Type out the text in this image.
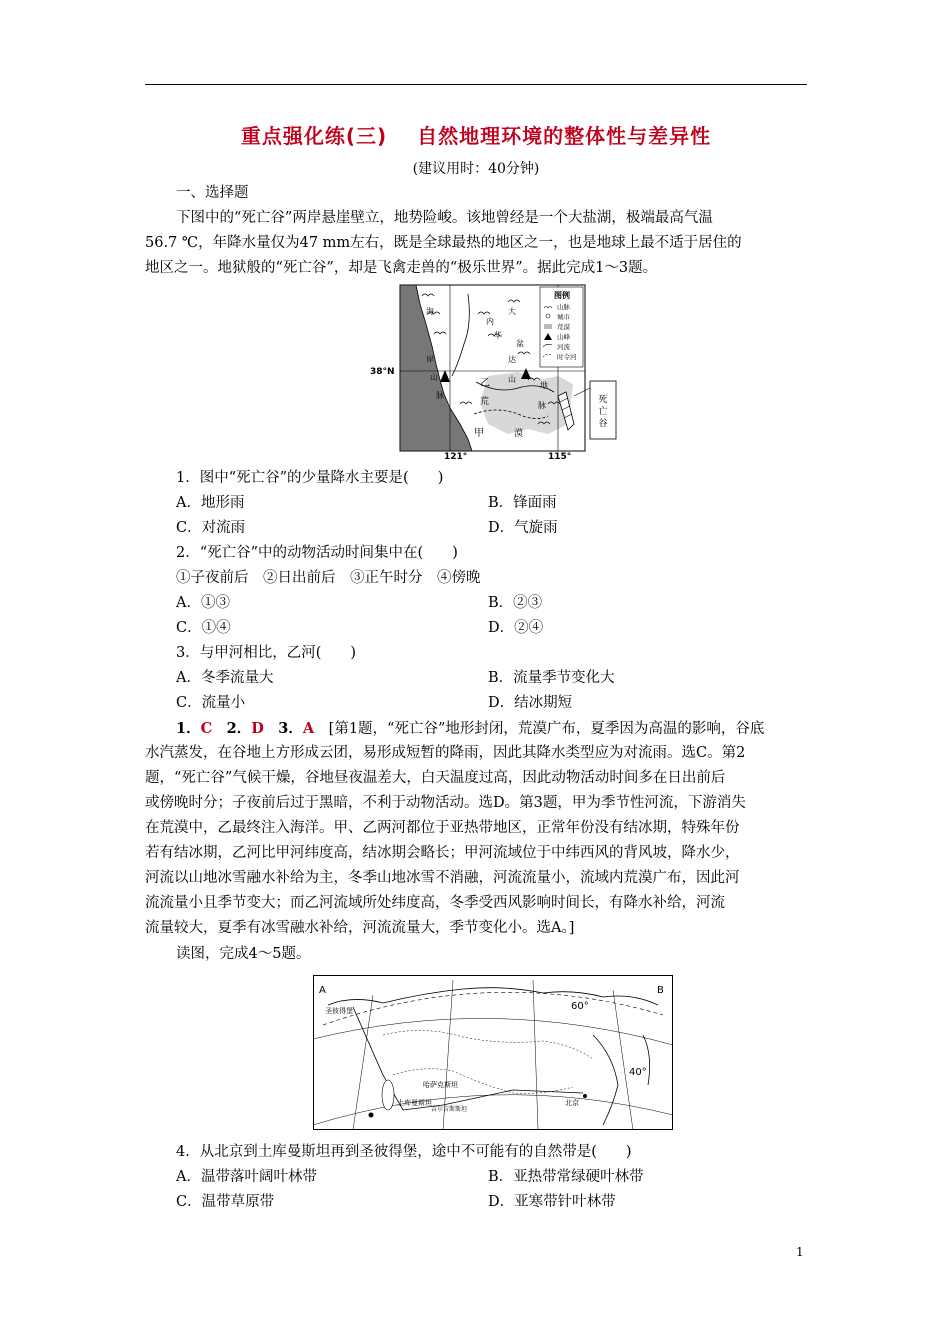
重点强化练(三) 自然地理环境的整体性与差异性
(建议用时：40分钟)
一、选择题
下图中的“死亡谷”两岸悬崖壁立，地势险峻。该地曾经是一个大盐湖，极端最高气温
56.7 ℃，年降水量仅为47 mm左右，既是全球最热的地区之一，也是地球上最不适于居住的
地区之一。地狱般的“死亡谷”，却是飞禽走兽的“极乐世界”。据此完成1～3题。
死
亡
谷
图例
山脉
城市
荒漠
山峰
河流
时令河
38°N
121°	115°
海
岸
山
脉
大
内
华
盆
达
乙
甲
山
地
脉
荒
漠
1．图中“死亡谷”的少量降水主要是(　　)
A．地形雨	B．锋面雨
C．对流雨	D．气旋雨
2．“死亡谷”中的动物活动时间集中在(　　)
①子夜前后　②日出前后　③正午时分　④傍晚
A．①③	B．②③
C．①④	D．②④
3．与甲河相比，乙河(　　)
A．冬季流量大	B．流量季节变化大
C．流量小	D．结冰期短
1．C　2．D　3．A　[第1题，“死亡谷”地形封闭，荒漠广布，夏季因为高温的影响，谷底
水汽蒸发，在谷地上方形成云团，易形成短暂的降雨，因此其降水类型应为对流雨。选C。第2
题，“死亡谷”气候干燥，谷地昼夜温差大，白天温度过高，因此动物活动时间多在日出前后
或傍晚时分；子夜前后过于黑暗，不利于动物活动。选D。第3题，甲为季节性河流，下游消失
在荒漠中，乙最终注入海洋。甲、乙两河都位于亚热带地区，正常年份没有结冰期，特殊年份
若有结冰期，乙河比甲河纬度高，结冰期会略长；甲河流域位于中纬西风的背风坡，降水少，
河流以山地冰雪融水补给为主，冬季山地冰雪不消融，河流流量小，流域内荒漠广布，因此河
流流量小且季节变大；而乙河流域所处纬度高，冬季受西风影响时间长，有降水补给，河流
流量较大，夏季有冰雪融水补给，河流流量大，季节变化小。选A。]
读图，完成4～5题。
A	B
60°
40°
圣彼得堡
哈萨克斯坦
土库曼斯坦
吉尔吉斯斯坦
北京
4．从北京到土库曼斯坦再到圣彼得堡，途中不可能有的自然带是(　　)
A．温带落叶阔叶林带	B．亚热带常绿硬叶林带
C．温带草原带	D．亚寒带针叶林带
1
